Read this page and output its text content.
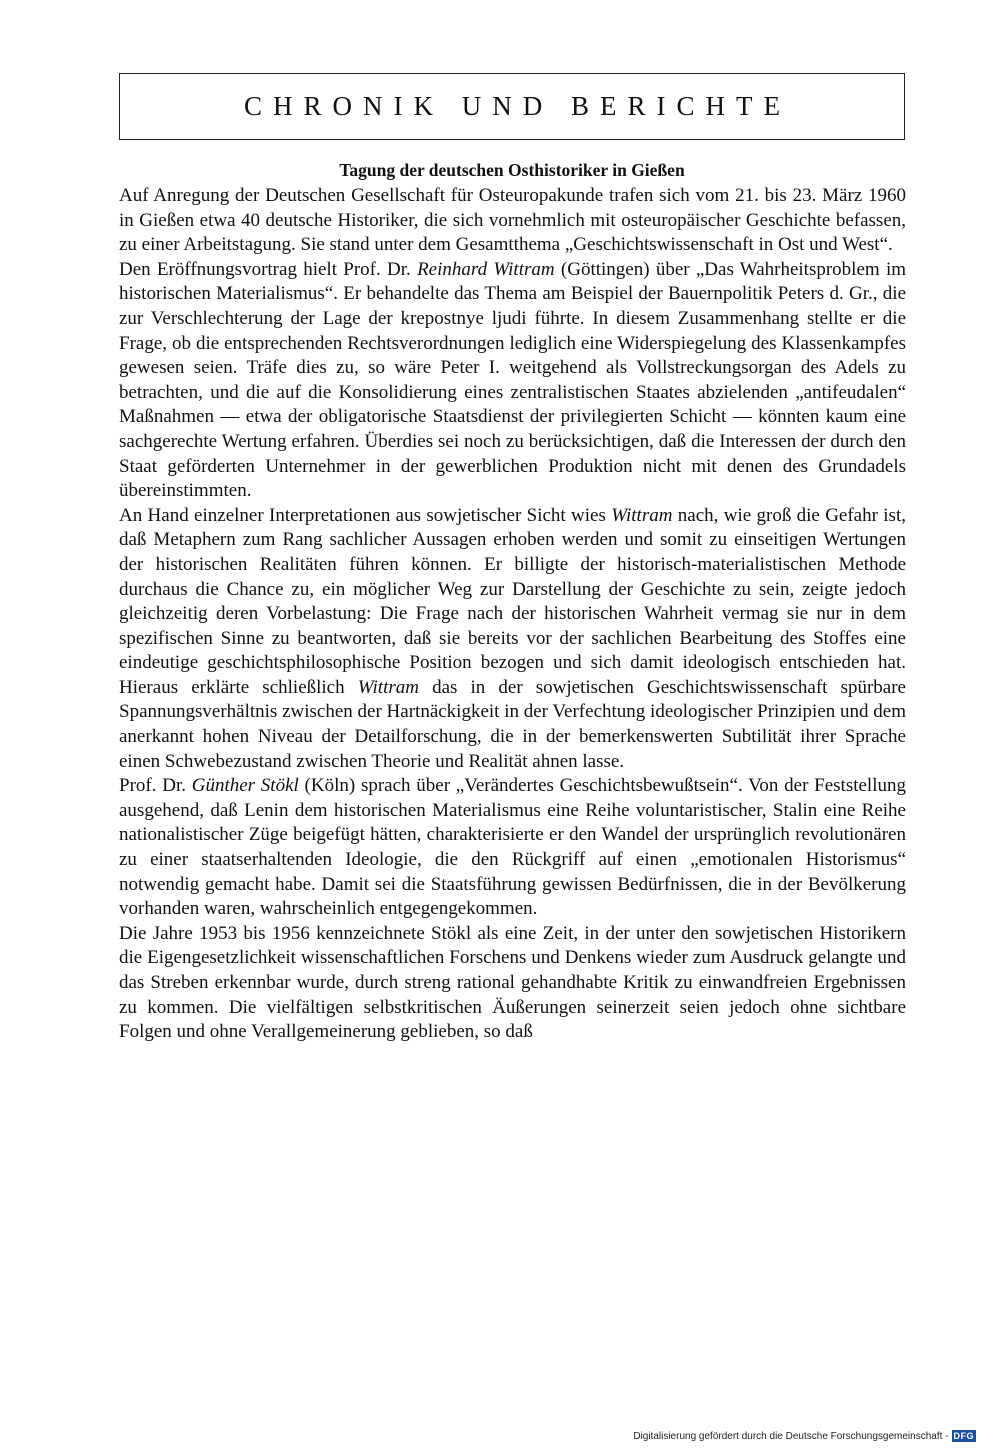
CHRONIK UND BERICHTE
Tagung der deutschen Osthistoriker in Gießen

Auf Anregung der Deutschen Gesellschaft für Osteuropakunde trafen sich vom 21. bis 23. März 1960 in Gießen etwa 40 deutsche Historiker, die sich vornehmlich mit osteuropäischer Geschichte befassen, zu einer Arbeitstagung. Sie stand unter dem Gesamtthema „Geschichtswissenschaft in Ost und West“.

Den Eröffnungsvortrag hielt Prof. Dr. Reinhard Wittram (Göttingen) über „Das Wahrheitsproblem im historischen Materialismus“. Er behandelte das Thema am Beispiel der Bauernpolitik Peters d. Gr., die zur Verschlechterung der Lage der krepostnye ljudi führte. In diesem Zusammenhang stellte er die Frage, ob die entsprechenden Rechtsverordnungen lediglich eine Widerspiegelung des Klassenkampfes gewesen seien. Träfe dies zu, so wäre Peter I. weitgehend als Vollstreckungsorgan des Adels zu betrachten, und die auf die Konsolidierung eines zentralistischen Staates abzielenden „antifeudalen“ Maßnahmen — etwa der obligatorische Staatsdienst der privilegierten Schicht — könnten kaum eine sachgerechte Wertung erfahren. Überdies sei noch zu berücksichtigen, daß die Interessen der durch den Staat geförderten Unternehmer in der gewerblichen Produktion nicht mit denen des Grundadels übereinstimmten.

An Hand einzelner Interpretationen aus sowjetischer Sicht wies Wittram nach, wie groß die Gefahr ist, daß Metaphern zum Rang sachlicher Aussagen erhoben werden und somit zu einseitigen Wertungen der historischen Realitäten führen können. Er billigte der historisch-materialistischen Methode durchaus die Chance zu, ein möglicher Weg zur Darstellung der Geschichte zu sein, zeigte jedoch gleichzeitig deren Vorbelastung: Die Frage nach der historischen Wahrheit vermag sie nur in dem spezifischen Sinne zu beantworten, daß sie bereits vor der sachlichen Bearbeitung des Stoffes eine eindeutige geschichtsphilosophische Position bezogen und sich damit ideologisch entschieden hat. Hieraus erklärte schließlich Wittram das in der sowjetischen Geschichtswissenschaft spürbare Spannungsverhältnis zwischen der Hartnäckigkeit in der Verfechtung ideologischer Prinzipien und dem anerkannt hohen Niveau der Detailforschung, die in der bemerkenswerten Subtilität ihrer Sprache einen Schwebezustand zwischen Theorie und Realität ahnen lasse.

Prof. Dr. Günther Stökl (Köln) sprach über „Verändertes Geschichtsbewußtsein“. Von der Feststellung ausgehend, daß Lenin dem historischen Materialismus eine Reihe voluntaristischer, Stalin eine Reihe nationalistischer Züge beigefügt hätten, charakterisierte er den Wandel der ursprünglich revolutionären zu einer staatserhaltenden Ideologie, die den Rückgriff auf einen „emotionalen Historismus“ notwendig gemacht habe. Damit sei die Staatsführung gewissen Bedürfnissen, die in der Bevölkerung vorhanden waren, wahrscheinlich entgegengekommen.

Die Jahre 1953 bis 1956 kennzeichnete Stökl als eine Zeit, in der unter den sowjetischen Historikern die Eigengesetzlichkeit wissenschaftlichen Forschens und Denkens wieder zum Ausdruck gelangte und das Streben erkennbar wurde, durch streng rational gehandhabte Kritik zu einwandfreien Ergebnissen zu kommen. Die vielfältigen selbstkritischen Äußerungen seinerzeit seien jedoch ohne sichtbare Folgen und ohne Verallgemeinerung geblieben, so daß

Digitalisierung gefördert durch die Deutsche Forschungsgemeinschaft - DFG
